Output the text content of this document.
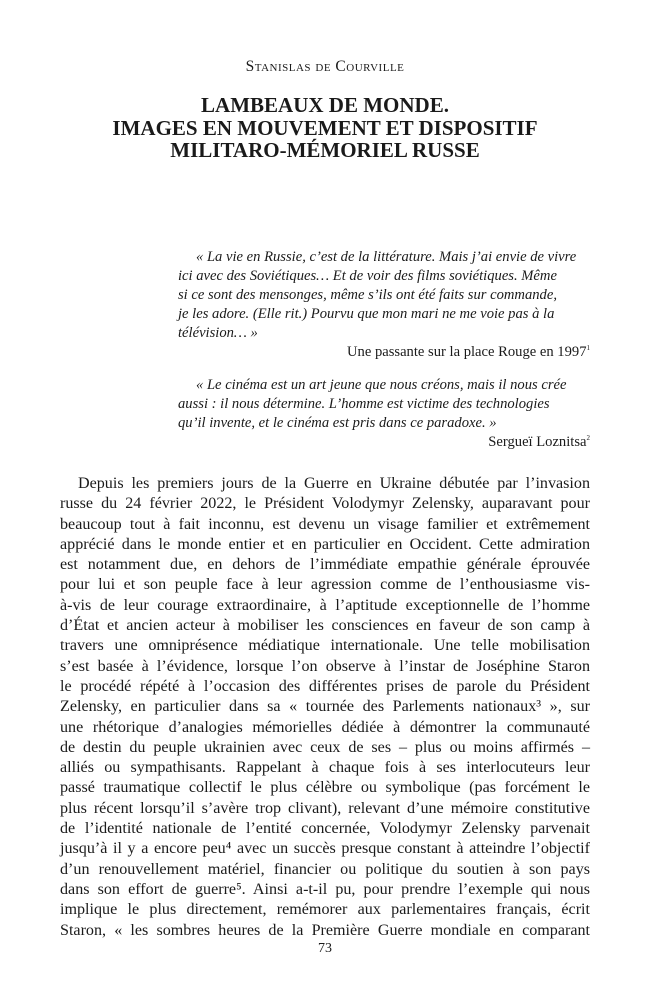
Stanislas de Courville
LAMBEAUX DE MONDE.
IMAGES EN MOUVEMENT ET DISPOSITIF
MILITARO-MÉMORIEL RUSSE
« La vie en Russie, c’est de la littérature. Mais j’ai envie de vivre
ici avec des Soviétiques… Et de voir des films soviétiques. Même
si ce sont des mensonges, même s’ils ont été faits sur commande,
je les adore. (Elle rit.) Pourvu que mon mari ne me voie pas à la
télévision… »
Une passante sur la place Rouge en 1997$^1$
« Le cinéma est un art jeune que nous créons, mais il nous crée
aussi : il nous détermine. L’homme est victime des technologies
qu’il invente, et le cinéma est pris dans ce paradoxe. »
Sergueï Loznitsa$^2$
Depuis les premiers jours de la Guerre en Ukraine débutée par l’invasion
russe du 24 février 2022, le Président Volodymyr Zelensky, auparavant pour
beaucoup tout à fait inconnu, est devenu un visage familier et extrêmement
apprécié dans le monde entier et en particulier en Occident. Cette admiration
est notamment due, en dehors de l’immédiate empathie générale éprouvée
pour lui et son peuple face à leur agression comme de l’enthousiasme vis-
à-vis de leur courage extraordinaire, à l’aptitude exceptionnelle de l’homme
d’État et ancien acteur à mobiliser les consciences en faveur de son camp à
travers une omniprésence médiatique internationale. Une telle mobilisation
s’est basée à l’évidence, lorsque l’on observe à l’instar de Joséphine Staron
le procédé répété à l’occasion des différentes prises de parole du Président
Zelensky, en particulier dans sa « tournée des Parlements nationaux³ », sur
une rhétorique d’analogies mémorielles dédiée à démontrer la communauté
de destin du peuple ukrainien avec ceux de ses – plus ou moins affirmés –
alliés ou sympathisants. Rappelant à chaque fois à ses interlocuteurs leur
passé traumatique collectif le plus célèbre ou symbolique (pas forcément le
plus récent lorsqu’il s’avère trop clivant), relevant d’une mémoire constitutive
de l’identité nationale de l’entité concernée, Volodymyr Zelensky parvenait
jusqu’à il y a encore peu⁴ avec un succès presque constant à atteindre l’objectif
d’un renouvellement matériel, financier ou politique du soutien à son pays
dans son effort de guerre⁵. Ainsi a-t-il pu, pour prendre l’exemple qui nous
implique le plus directement, remémorer aux parlementaires français, écrit
Staron, « les sombres heures de la Première Guerre mondiale en comparant
73
